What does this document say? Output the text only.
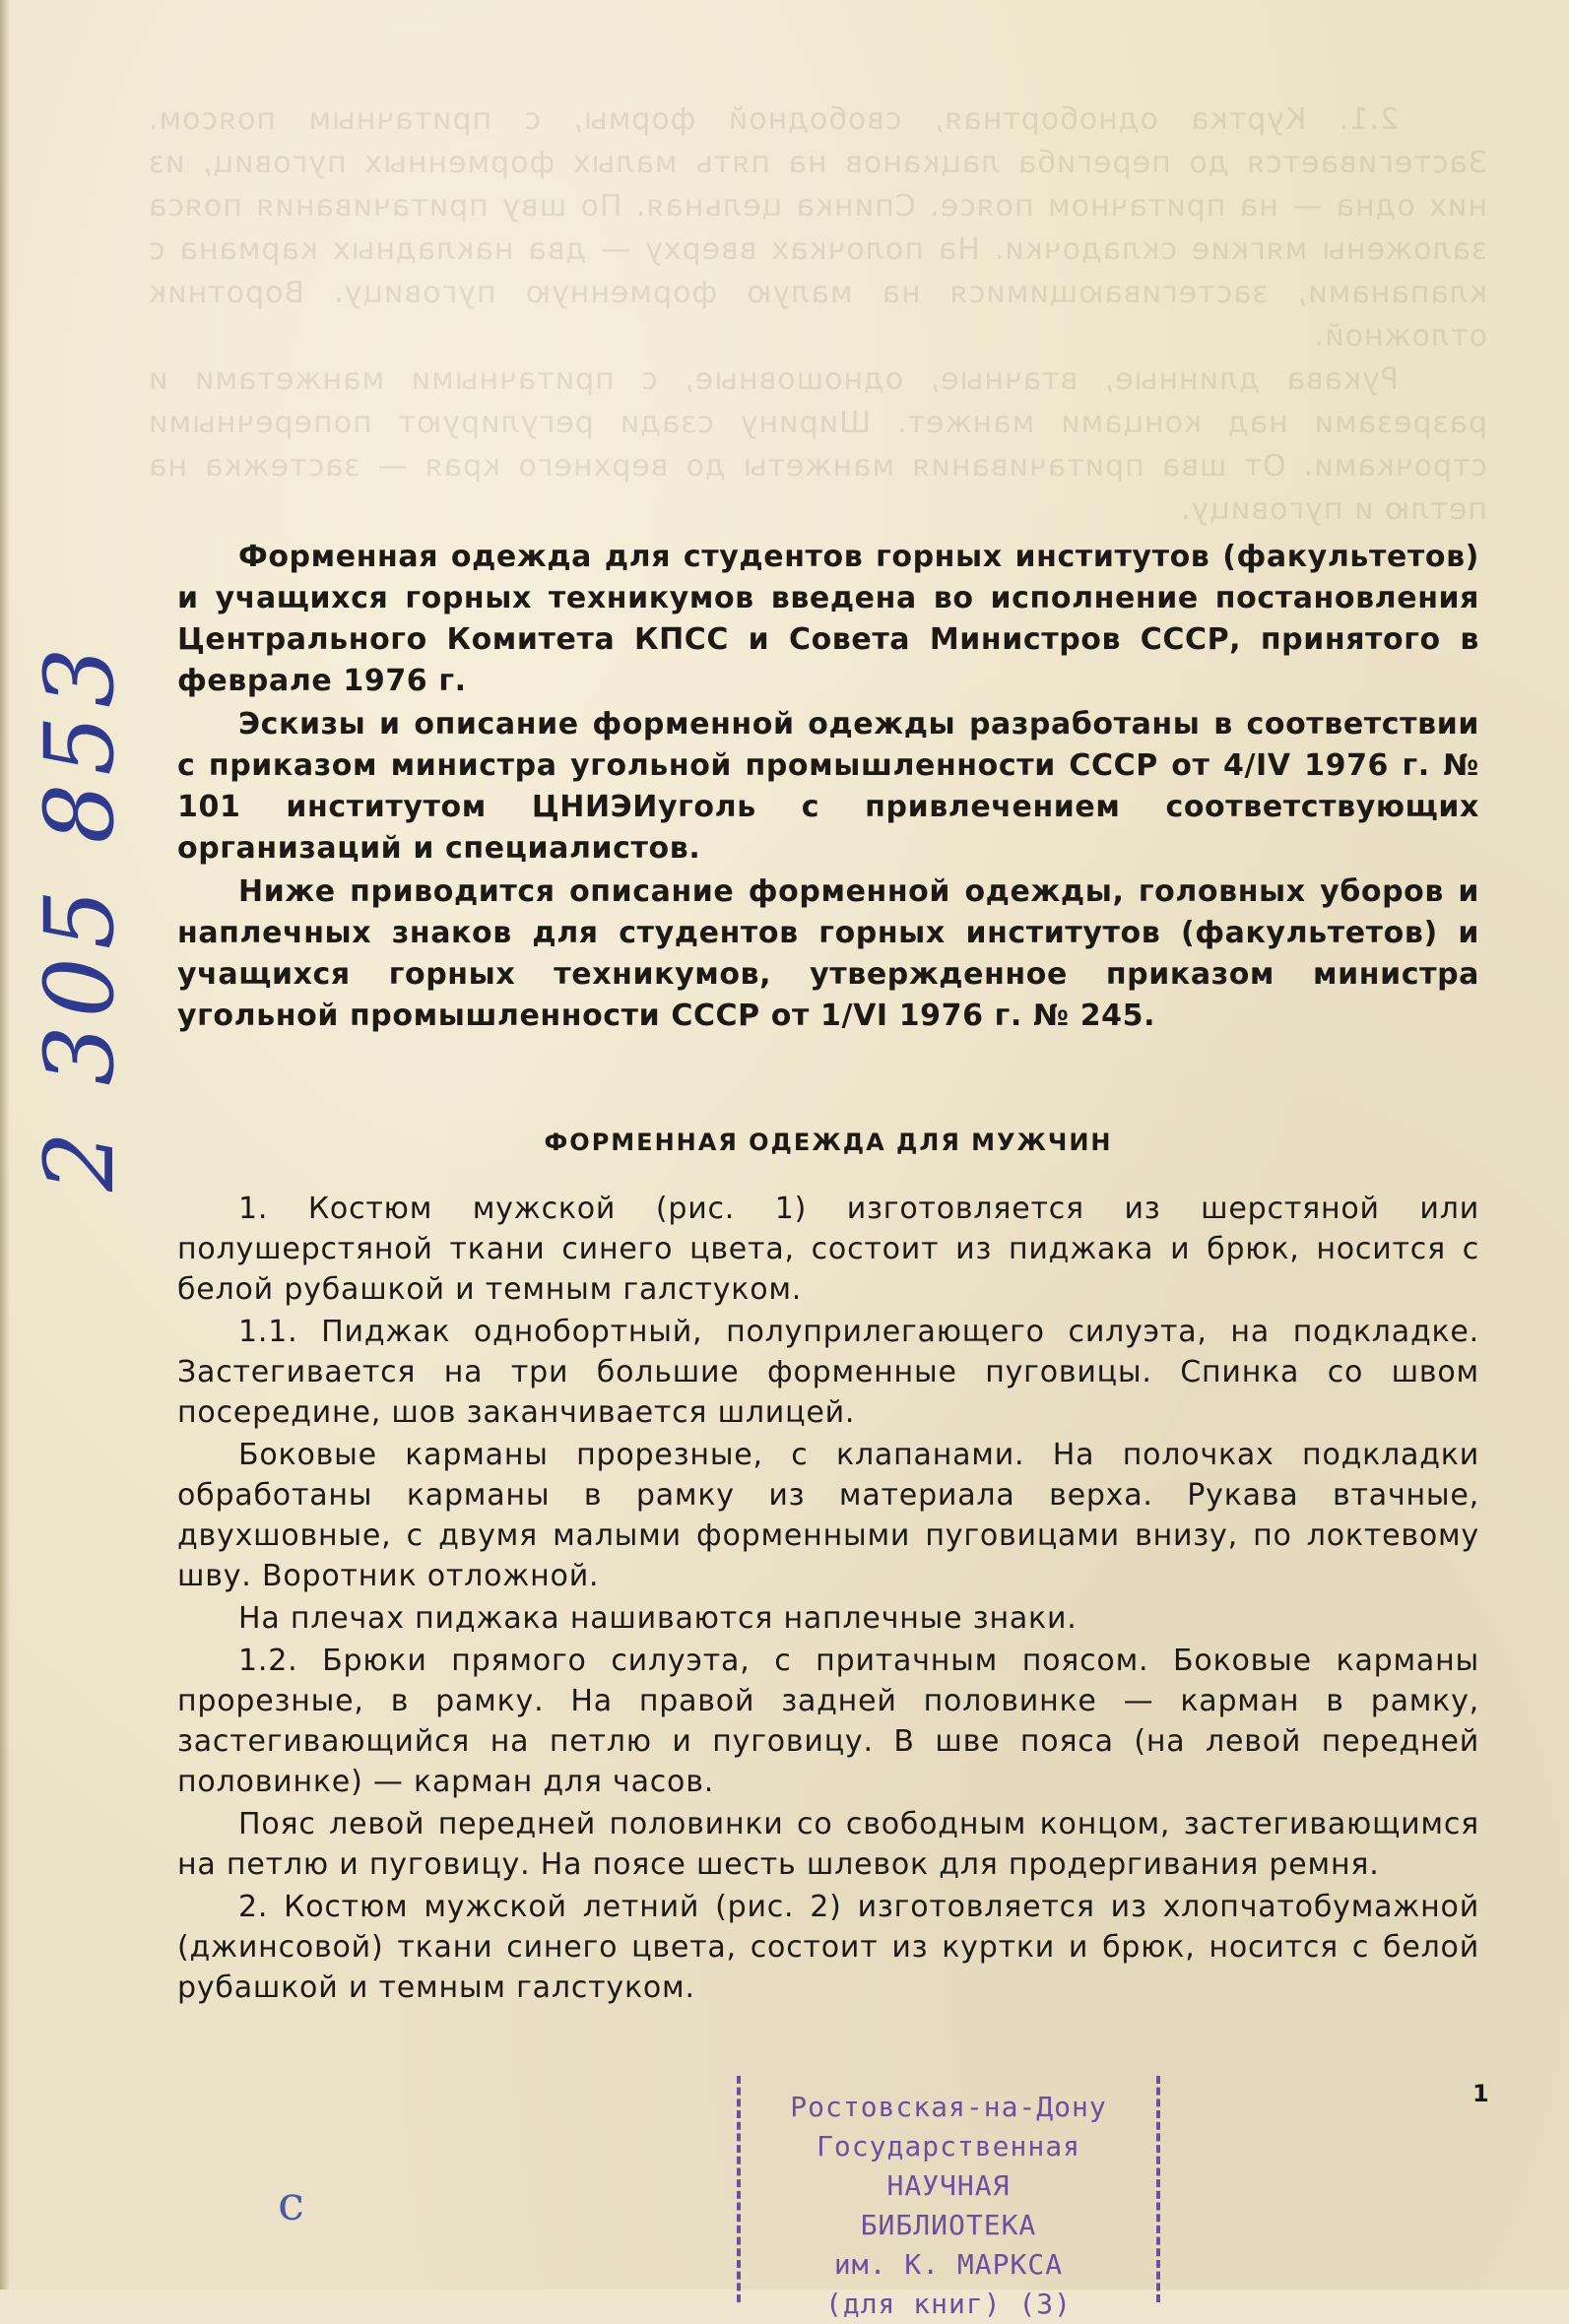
2.1. Куртка однобортная, свободной формы, с притачным поясом. Застегивается до перегиба лацканов на пять малых форменных пуговиц, из них одна — на притачном поясе. Спинка цельная. По шву притачивания пояса заложены мягкие складочки. На полочках вверху — два накладных кармана с клапанами, застегивающимися на малую форменную пуговицу. Воротник отложной.

Рукава длинные, втачные, одношовные, с притачными манжетами и разрезами над концами манжет. Ширину сзади регулируют поперечными строчками. От шва притачивания манжеты до верхнего края — застежка на петлю и пуговицу.

Форменная одежда для студентов горных институтов (факультетов) и учащихся горных техникумов введена во исполнение постановления Центрального Комитета КПСС и Совета Министров СССР, принятого в феврале 1976 г.

Эскизы и описание форменной одежды разработаны в соответствии с приказом министра угольной промышленности СССР от 4/IV 1976 г. № 101 институтом ЦНИЭИуголь с привлечением соответствующих организаций и специалистов.

Ниже приводится описание форменной одежды, головных уборов и наплечных знаков для студентов горных институтов (факультетов) и учащихся горных техникумов, утвержденное приказом министра угольной промышленности СССР от 1/VI 1976 г. № 245.

ФОРМЕННАЯ ОДЕЖДА ДЛЯ МУЖЧИН

1. Костюм мужской (рис. 1) изготовляется из шерстяной или полушерстяной ткани синего цвета, состоит из пиджака и брюк, носится с белой рубашкой и темным галстуком.

1.1. Пиджак однобортный, полуприлегающего силуэта, на подкладке. Застегивается на три большие форменные пуговицы. Спинка со швом посередине, шов заканчивается шлицей.

Боковые карманы прорезные, с клапанами. На полочках подкладки обработаны карманы в рамку из материала верха. Рукава втачные, двухшовные, с двумя малыми форменными пуговицами внизу, по локтевому шву. Воротник отложной.

На плечах пиджака нашиваются наплечные знаки.

1.2. Брюки прямого силуэта, с притачным поясом. Боковые карманы прорезные, в рамку. На правой задней половинке — карман в рамку, застегивающийся на петлю и пуговицу. В шве пояса (на левой передней половинке) — карман для часов.

Пояс левой передней половинки со свободным концом, застегивающимся на петлю и пуговицу. На поясе шесть шлевок для продергивания ремня.

2. Костюм мужской летний (рис. 2) изготовляется из хлопчатобумажной (джинсовой) ткани синего цвета, состоит из куртки и брюк, носится с белой рубашкой и темным галстуком.

1
2 305 853
c
Ростовская-на-Дону
Государственная
НАУЧНАЯ
БИБЛИОТЕКА
им. К. МАРКСА
(для книг) (3)
